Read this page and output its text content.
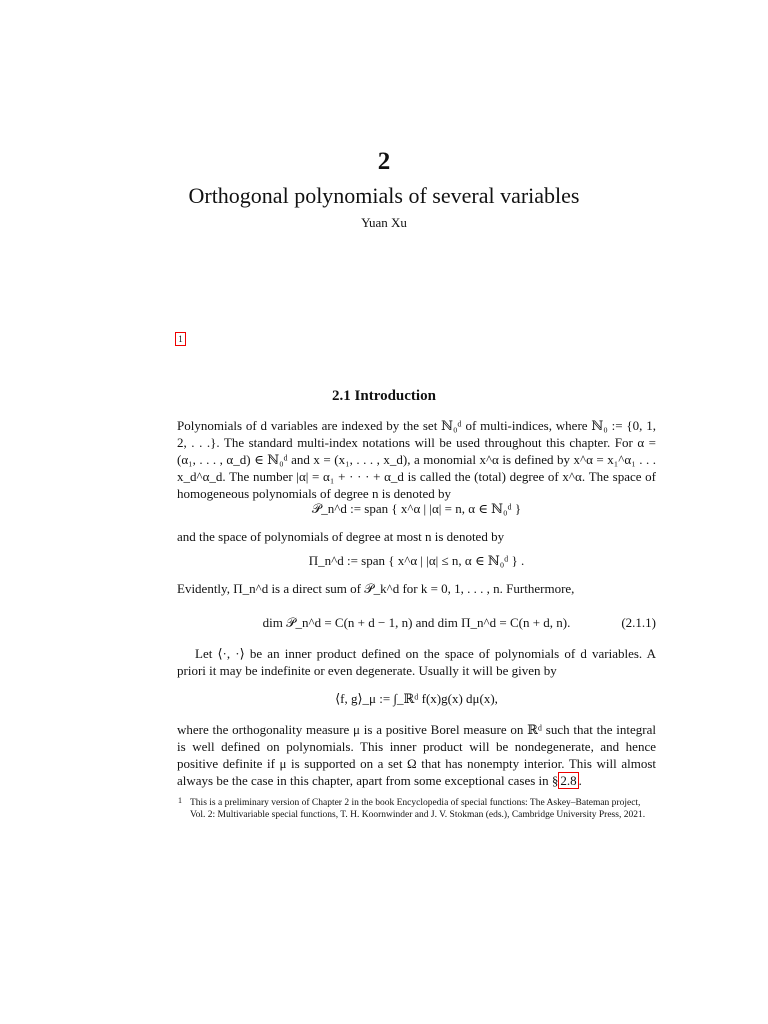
2
Orthogonal polynomials of several variables
Yuan Xu
1
2.1 Introduction
Polynomials of d variables are indexed by the set ℕ₀ᵈ of multi-indices, where ℕ₀ := {0, 1, 2, . . .}. The standard multi-index notations will be used throughout this chapter. For α = (α₁, . . . , α_d) ∈ ℕ₀ᵈ and x = (x₁, . . . , x_d), a monomial x^α is defined by x^α = x₁^α₁ . . . x_d^α_d. The number |α| = α₁ + · · · + α_d is called the (total) degree of x^α. The space of homogeneous polynomials of degree n is denoted by
𝒫_n^d := span { x^α | |α| = n, α ∈ ℕ₀ᵈ }
and the space of polynomials of degree at most n is denoted by
Π_n^d := span { x^α | |α| ≤ n, α ∈ ℕ₀ᵈ } .
Evidently, Π_n^d is a direct sum of 𝒫_k^d for k = 0, 1, . . . , n. Furthermore,
dim 𝒫_n^d = C(n + d − 1, n) and dim Π_n^d = C(n + d, n).	(2.1.1)
Let ⟨·, ·⟩ be an inner product defined on the space of polynomials of d variables. A priori it may be indefinite or even degenerate. Usually it will be given by
⟨f, g⟩_μ := ∫_ℝᵈ f(x)g(x) dμ(x),
where the orthogonality measure μ is a positive Borel measure on ℝᵈ such that the integral is well defined on polynomials. This inner product will be nondegenerate, and hence positive definite if μ is supported on a set Ω that has nonempty interior. This will almost always be the case in this chapter, apart from some exceptional cases in § 2.8 .
1 This is a preliminary version of Chapter 2 in the book Encyclopedia of special functions: The Askey–Bateman project, Vol. 2: Multivariable special functions, T. H. Koornwinder and J. V. Stokman (eds.), Cambridge University Press, 2021.
